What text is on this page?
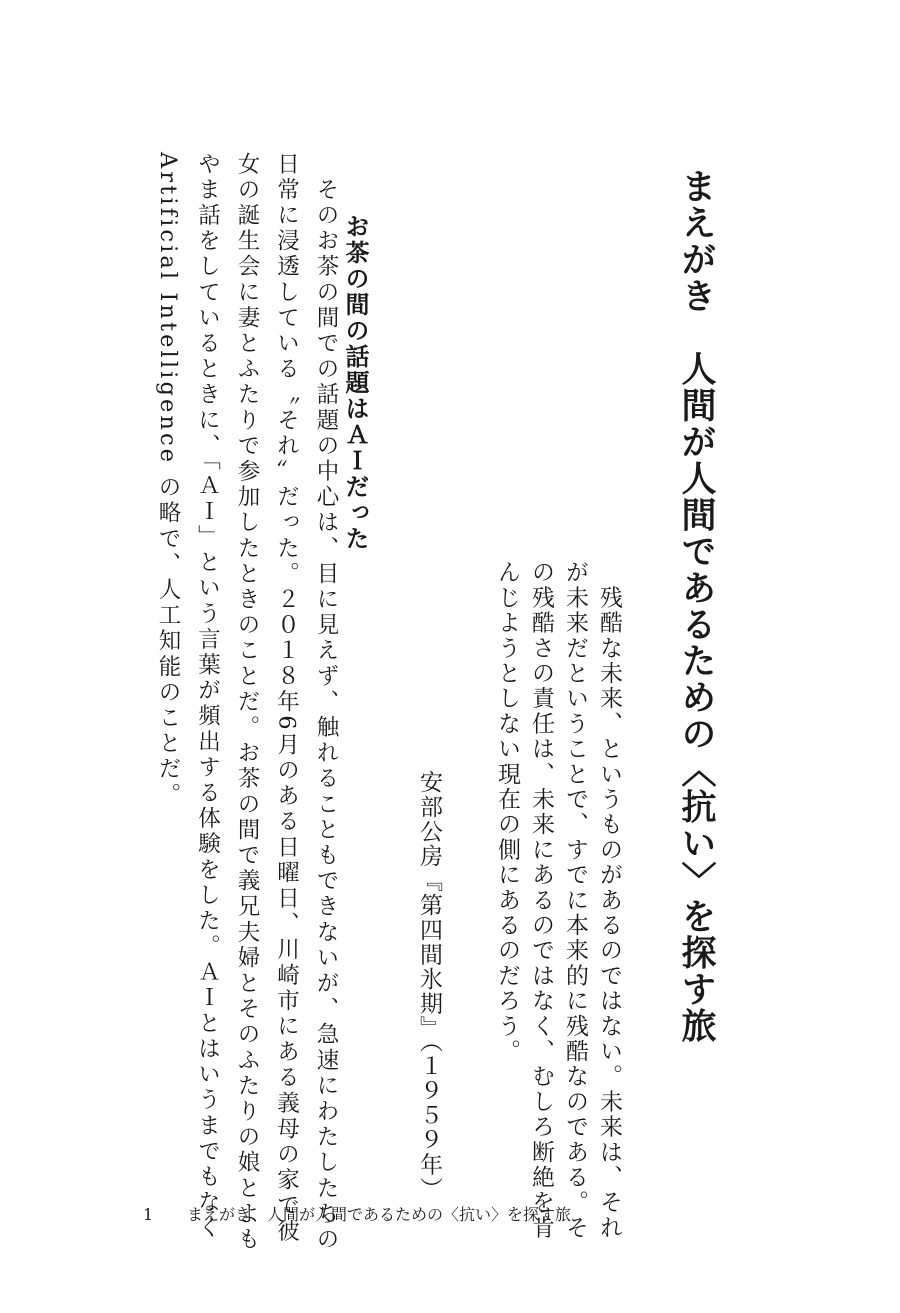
まえがき　人間が人間であるための〈抗い〉を探す旅

　残酷な未来、というものがあるのではない。未来は、それ
が未来だということで、すでに本来的に残酷なのである。そ
の残酷さの責任は、未来にあるのではなく、むしろ断絶を肯
んじようとしない現在の側にあるのだろう。

安部公房『第四間氷期』（１９５９年）
お茶の間の話題はＡＩだった

　そのお茶の間での話題の中心は、目に見えず、触れることもできないが、急速にわたしたちの
日常に浸透している〝それ〟だった。２０１８年6月のある日曜日、川崎市にある義母の家で彼
女の誕生会に妻とふたりで参加したときのことだ。お茶の間で義兄夫婦とそのふたりの娘とよも
やま話をしているときに、「ＡＩ」という言葉が頻出する体験をした。ＡＩとはいうまでもなく
Artificial Intelligence の略で、人工知能のことだ。

1 まえがき　人間が人間であるための〈抗い〉を探す旅
